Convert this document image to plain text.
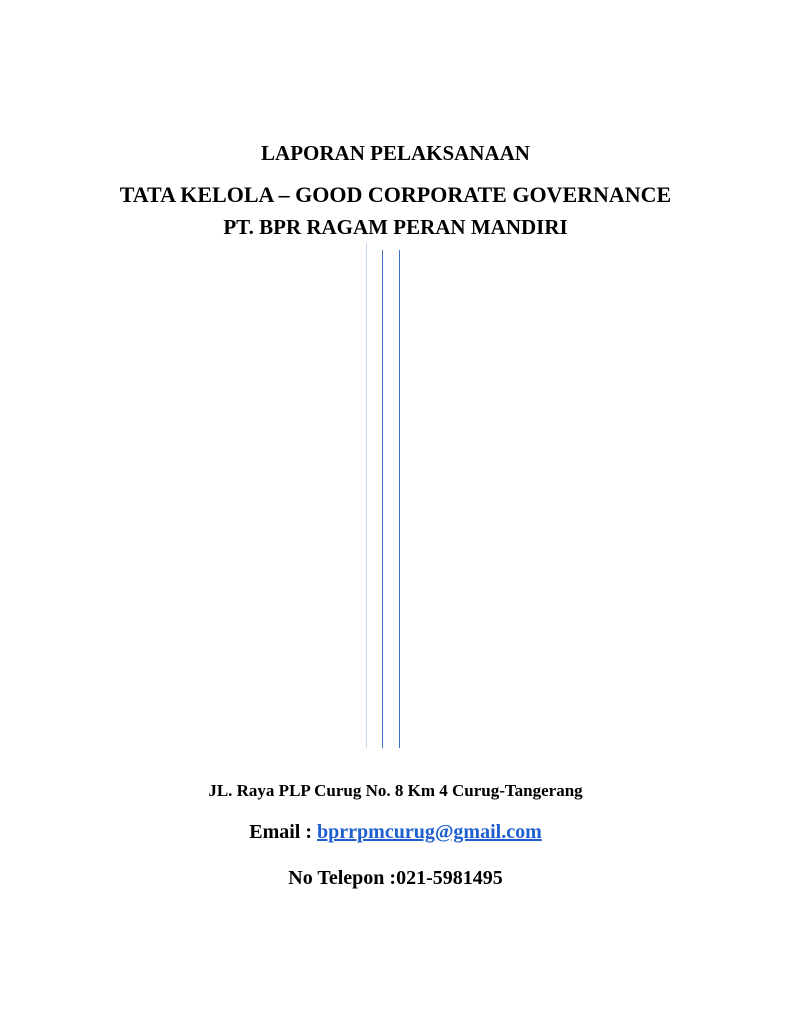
LAPORAN PELAKSANAAN
TATA KELOLA – GOOD CORPORATE GOVERNANCE
PT. BPR RAGAM PERAN MANDIRI
JL. Raya PLP Curug No. 8 Km 4 Curug-Tangerang
Email : bprrpmcurug@gmail.com
No Telepon :021-5981495
